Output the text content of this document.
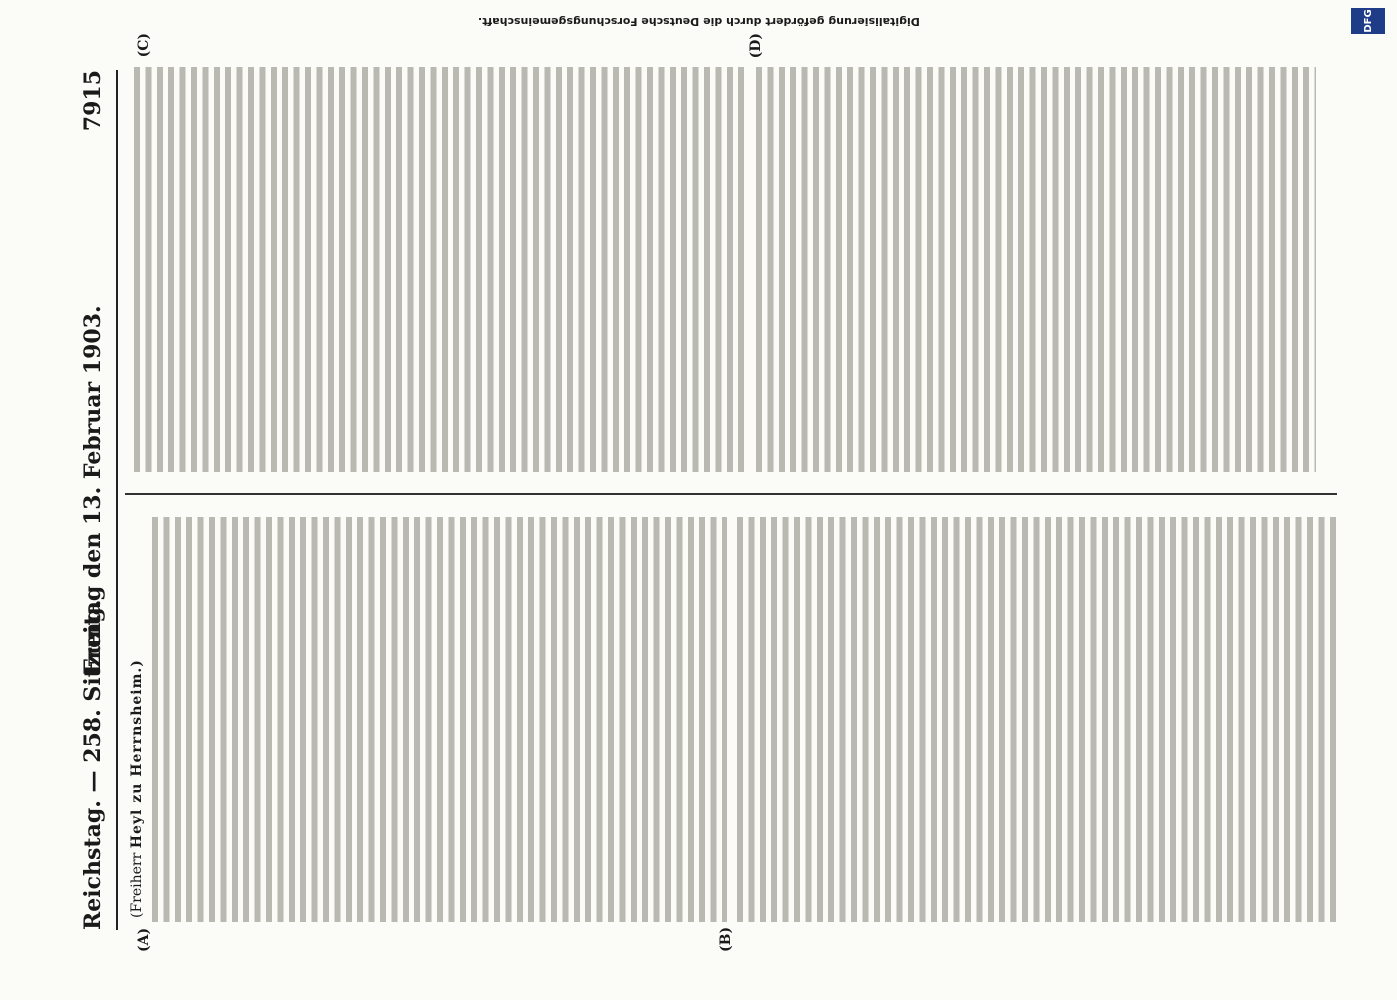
Reichstag. — 258. Sitzung.
Freitag den 13. Februar 1903.
7915
(A)	(B)
(Freiherr Heyl zu Herrnsheim.)
(C)	(D)
Digitalisierung gefördert durch die Deutsche Forschungsgemeinschaft.	DFG
